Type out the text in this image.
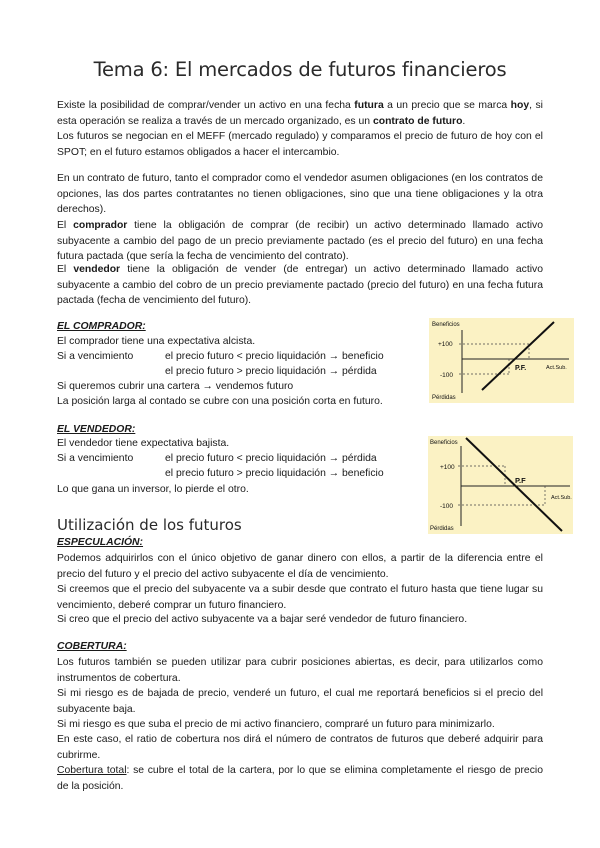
Tema 6: El mercados de futuros financieros

Existe la posibilidad de comprar/vender un activo en una fecha futura a un precio que se marca hoy, si esta operación se realiza a través de un mercado organizado, es un contrato de futuro.

Los futuros se negocian en el MEFF (mercado regulado) y comparamos el precio de futuro de hoy con el SPOT; en el futuro estamos obligados a hacer el intercambio.

En un contrato de futuro, tanto el comprador como el vendedor asumen obligaciones (en los contratos de opciones, las dos partes contratantes no tienen obligaciones, sino que una tiene obligaciones y la otra derechos).

El comprador tiene la obligación de comprar (de recibir) un activo determinado llamado activo subyacente a cambio del pago de un precio previamente pactado (es el precio del futuro) en una fecha futura pactada (que sería la fecha de vencimiento del contrato).

El vendedor tiene la obligación de vender (de entregar) un activo determinado llamado activo subyacente a cambio del cobro de un precio previamente pactado (precio del futuro) en una fecha futura pactada (fecha de vencimiento del futuro).

EL COMPRADOR:

El comprador tiene una expectativa alcista.

Si a vencimiento	el precio futuro < precio liquidación → beneficio

el precio futuro > precio liquidación → pérdida

Si queremos cubrir una cartera → vendemos futuro

La posición larga al contado se cubre con una posición corta en futuro.

Beneficios
+100
-100
P.F.	Act.Sub.
Pérdidas

EL VENDEDOR:

El vendedor tiene expectativa bajista.

Si a vencimiento	el precio futuro < precio liquidación → pérdida

el precio futuro > precio liquidación → beneficio

Lo que gana un inversor, lo pierde el otro.

Beneficios
+100
-100
P.F
Act.Sub.
Pérdidas
Utilización de los futuros

ESPECULACIÓN:

Podemos adquirirlos con el único objetivo de ganar dinero con ellos, a partir de la diferencia entre el precio del futuro y el precio del activo subyacente el día de vencimiento.

Si creemos que el precio del subyacente va a subir desde que contrato el futuro hasta que tiene lugar su vencimiento, deberé comprar un futuro financiero.

Si creo que el precio del activo subyacente va a bajar seré vendedor de futuro financiero.

COBERTURA:

Los futuros también se pueden utilizar para cubrir posiciones abiertas, es decir, para utilizarlos como instrumentos de cobertura.

Si mi riesgo es de bajada de precio, venderé un futuro, el cual me reportará beneficios si el precio del subyacente baja.

Si mi riesgo es que suba el precio de mi activo financiero, compraré un futuro para minimizarlo.

En este caso, el ratio de cobertura nos dirá el número de contratos de futuros que deberé adquirir para cubrirme.

Cobertura total: se cubre el total de la cartera, por lo que se elimina completamente el riesgo de precio de la posición.
